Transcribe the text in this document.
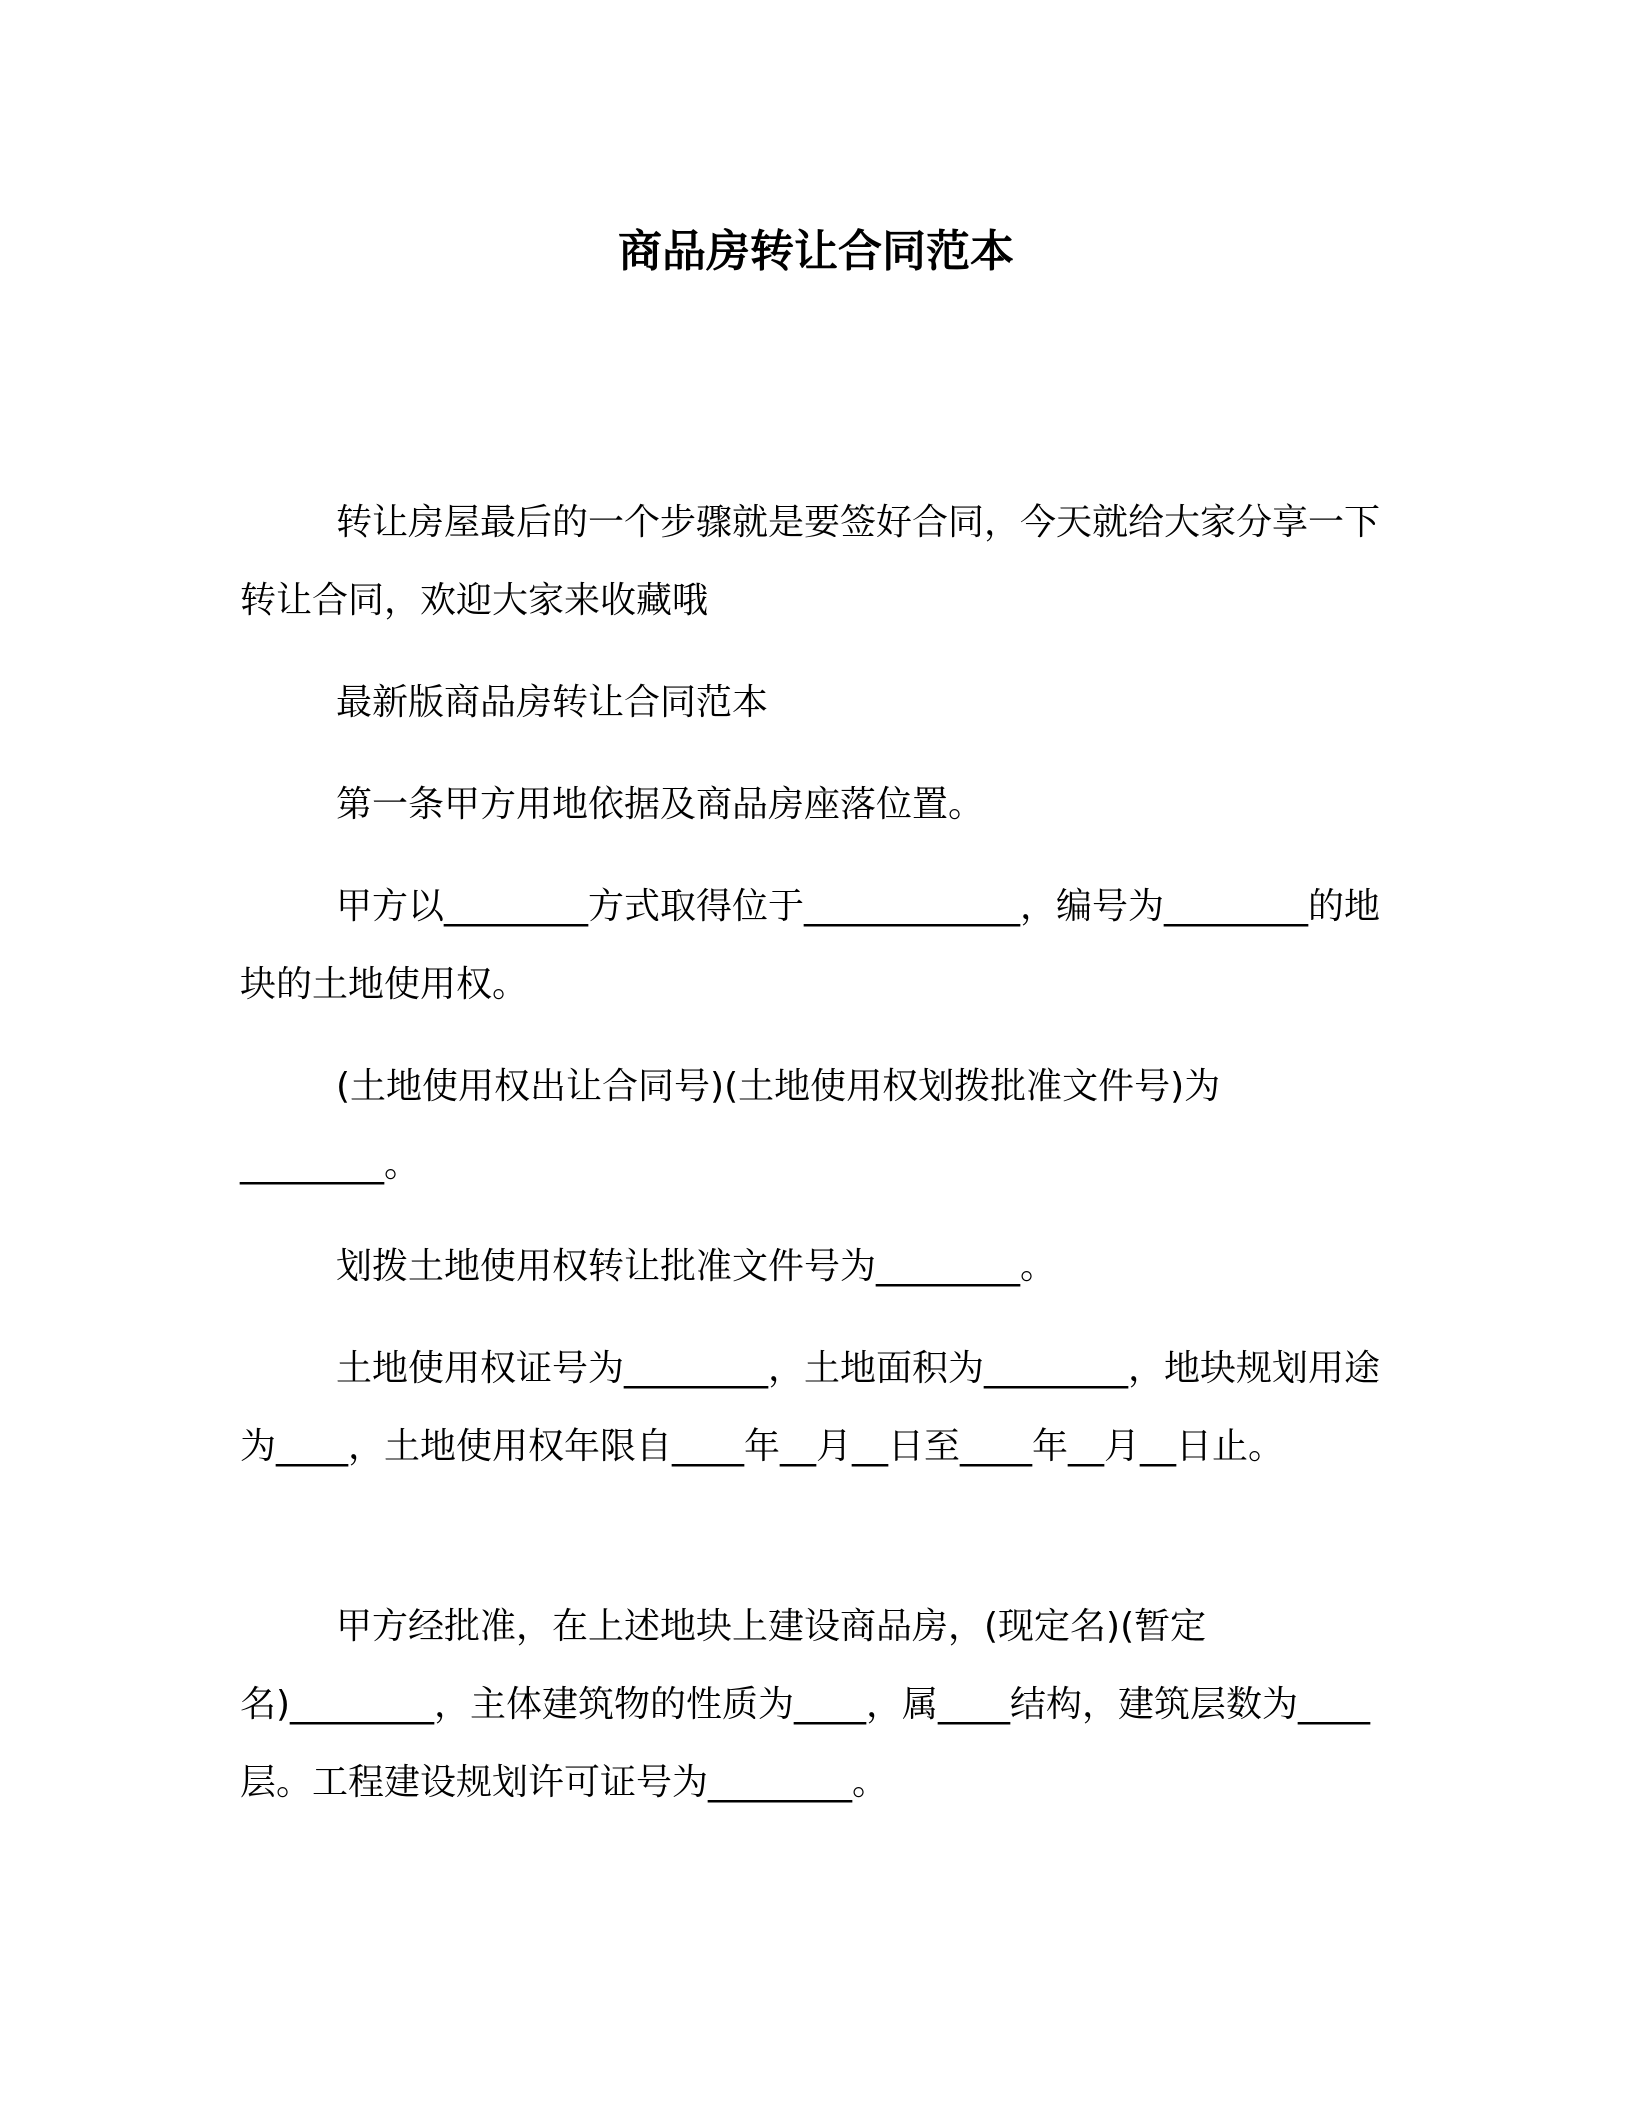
商品房转让合同范本

转让房屋最后的一个步骤就是要签好合同，今天就给大家分享一下转让合同，欢迎大家来收藏哦

最新版商品房转让合同范本

第一条甲方用地依据及商品房座落位置。

甲方以________方式取得位于____________，编号为________的地块的土地使用权。

(土地使用权出让合同号)(土地使用权划拨批准文件号)为________。

划拨土地使用权转让批准文件号为________。

土地使用权证号为________，土地面积为________，地块规划用途为____，土地使用权年限自____年__月__日至____年__月__日止。

甲方经批准，在上述地块上建设商品房，(现定名)(暂定名)________，主体建筑物的性质为____，属____结构，建筑层数为____层。工程建设规划许可证号为________。
